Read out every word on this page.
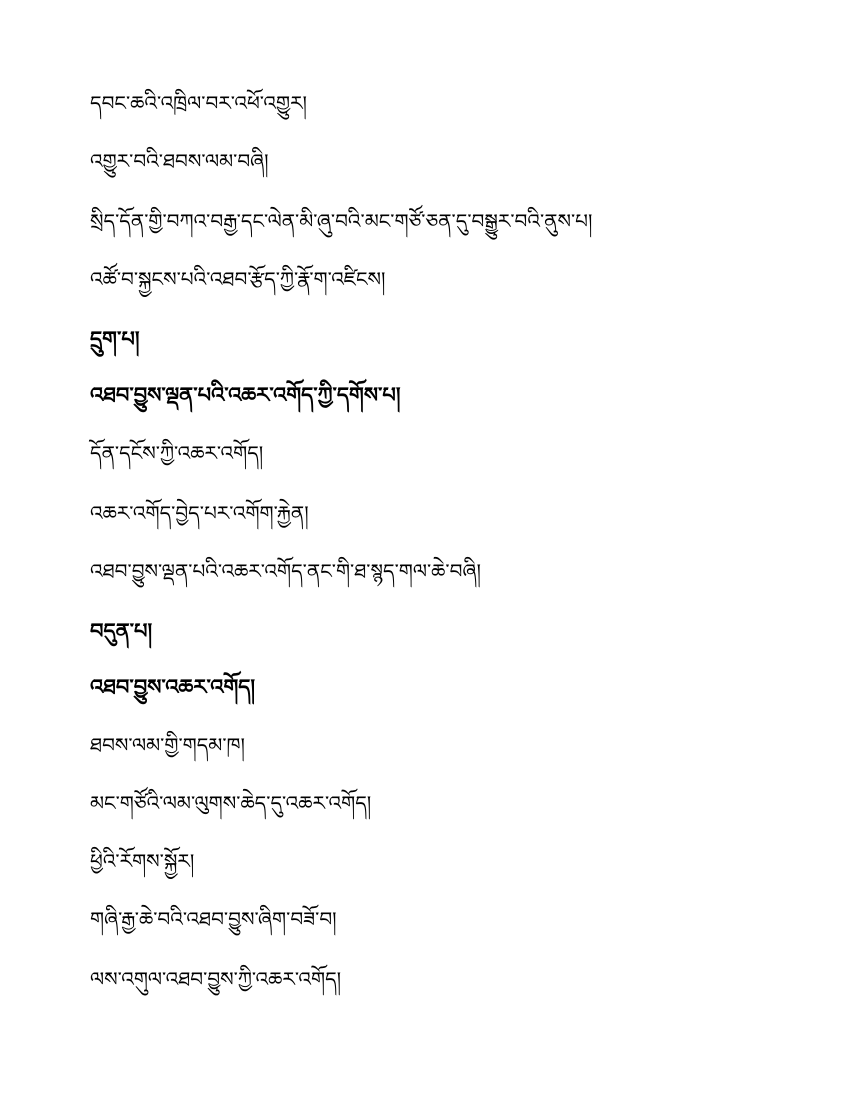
དབང་ཆའི་འཁྲིལ་བར་འཕོ་འགྱུར།
འགྱུར་བའི་ཐབས་ལམ་བཞི།
སྲིད་དོན་གྱི་བཀའ་བརྒྱ་དང་ལེན་མི་ཞུ་བའི་མང་གཙོ་ཅན་དུ་བསྒྱུར་བའི་ནུས་པ།
འཚོ་བ་སྐྱངས་པའི་འཐབ་རྩོད་ཀྱི་རྣོ་ག་འཛིངས།
དྲུག་པ།
འཐབ་བྱུས་ལྡན་པའི་འཆར་འགོད་ཀྱི་དགོས་པ།
དོན་དངོས་ཀྱི་འཆར་འགོད།
འཆར་འགོད་བྱེད་པར་འགོག་རྐྱེན།
འཐབ་བྱུས་ལྡན་པའི་འཆར་འགོད་ནང་གི་ཐ་སྙད་གལ་ཆེ་བཞི།
བདུན་པ།
འཐབ་བྱུས་འཆར་འགོད།
ཐབས་ལམ་གྱི་གདམ་ཁ།
མང་གཙོའི་ལམ་ལུགས་ཆེད་དུ་འཆར་འགོད།
ཕྱིའི་རོགས་སྐྱོར།
གཞི་རྒྱ་ཆེ་བའི་འཐབ་བྱུས་ཞིག་བཟོ་བ།
ལས་འགུལ་འཐབ་བྱུས་ཀྱི་འཆར་འགོད།
